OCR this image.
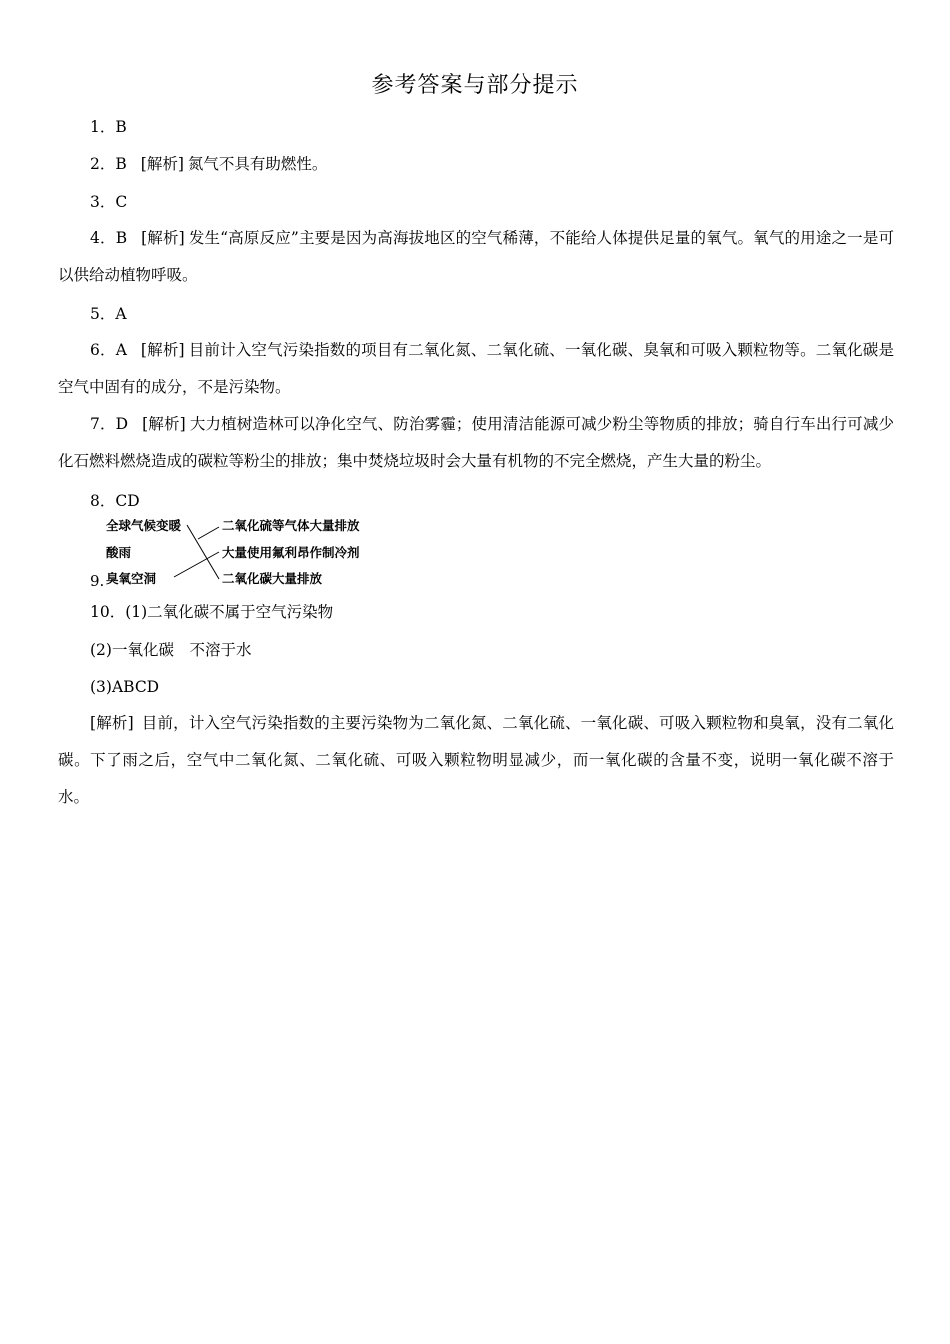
参考答案与部分提示
1．B
2．B [解析] 氮气不具有助燃性。
3．C
4．B [解析] 发生“高原反应”主要是因为高海拔地区的空气稀薄，不能给人体提供足量的氧气。氧气的用途之一是可以供给动植物呼吸。
5．A
6．A [解析] 目前计入空气污染指数的项目有二氧化氮、二氧化硫、一氧化碳、臭氧和可吸入颗粒物等。二氧化碳是空气中固有的成分，不是污染物。
7．D [解析] 大力植树造林可以净化空气、防治雾霾；使用清洁能源可减少粉尘等物质的排放；骑自行车出行可减少化石燃料燃烧造成的碳粒等粉尘的排放；集中焚烧垃圾时会大量有机物的不完全燃烧，产生大量的粉尘。
8．CD
全球气候变暖
酸雨
9. 臭氧空洞
二氧化硫等气体大量排放
大量使用氟利昂作制冷剂
二氧化碳大量排放
10．(1)二氧化碳不属于空气污染物
(2)一氧化碳　不溶于水
(3)ABCD
[解析] 目前，计入空气污染指数的主要污染物为二氧化氮、二氧化硫、一氧化碳、可吸入颗粒物和臭氧，没有二氧化碳。下了雨之后，空气中二氧化氮、二氧化硫、可吸入颗粒物明显减少，而一氧化碳的含量不变，说明一氧化碳不溶于水。
